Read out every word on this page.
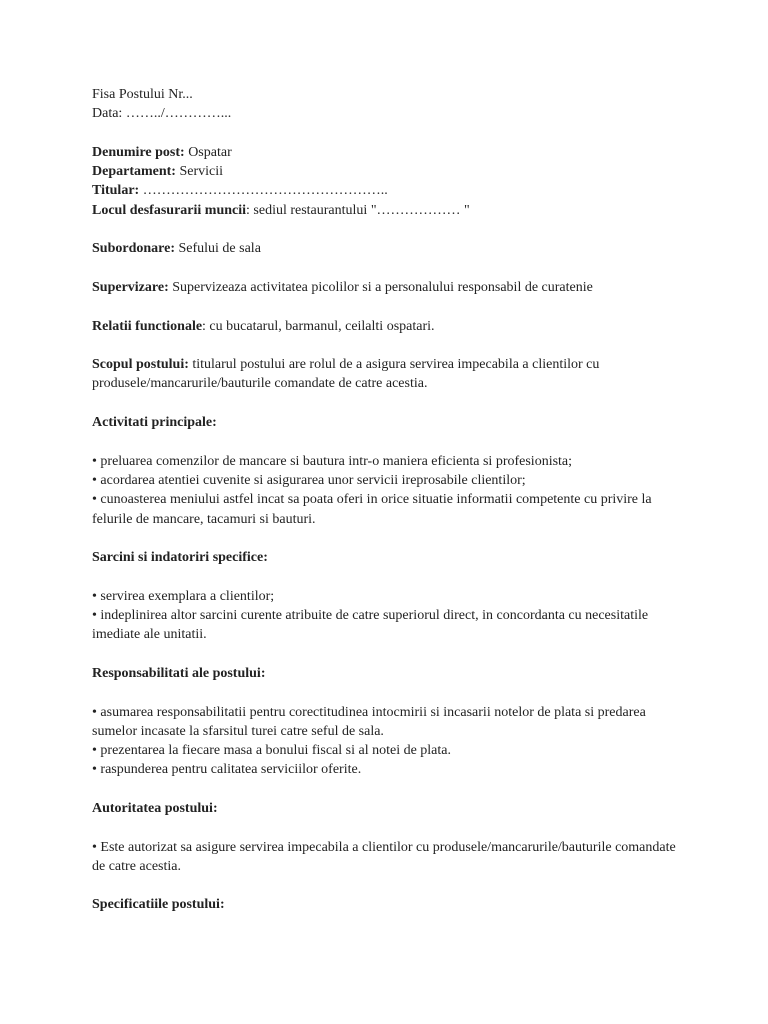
Fisa Postului Nr...
Data: ……../…………...
Denumire post: Ospatar
Departament: Servicii
Titular: ……………………………………………..
Locul desfasurarii muncii: sediul restaurantului "……………… "
Subordonare: Sefului de sala
Supervizare: Supervizeaza activitatea picolilor si a personalului responsabil de curatenie
Relatii functionale: cu bucatarul, barmanul, ceilalti ospatari.
Scopul postului: titularul postului are rolul de a asigura servirea impecabila a clientilor cu produsele/mancarurile/bauturile comandate de catre acestia.
Activitati principale:
• preluarea comenzilor de mancare si bautura intr-o maniera eficienta si profesionista;
• acordarea atentiei cuvenite si asigurarea unor servicii ireprosabile clientilor;
• cunoasterea meniului astfel incat sa poata oferi in orice situatie informatii competente cu privire la felurile de mancare, tacamuri si bauturi.
Sarcini si indatoriri specifice:
• servirea exemplara a clientilor;
• indeplinirea altor sarcini curente atribuite de catre superiorul direct, in concordanta cu necesitatile imediate ale unitatii.
Responsabilitati ale postului:
• asumarea responsabilitatii pentru corectitudinea intocmirii si incasarii notelor de plata si predarea sumelor incasate la sfarsitul turei catre seful de sala.
• prezentarea la fiecare masa a bonului fiscal si al notei de plata.
• raspunderea pentru calitatea serviciilor oferite.
Autoritatea postului:
• Este autorizat sa asigure servirea impecabila a clientilor cu produsele/mancarurile/bauturile comandate de catre acestia.
Specificatiile postului:
